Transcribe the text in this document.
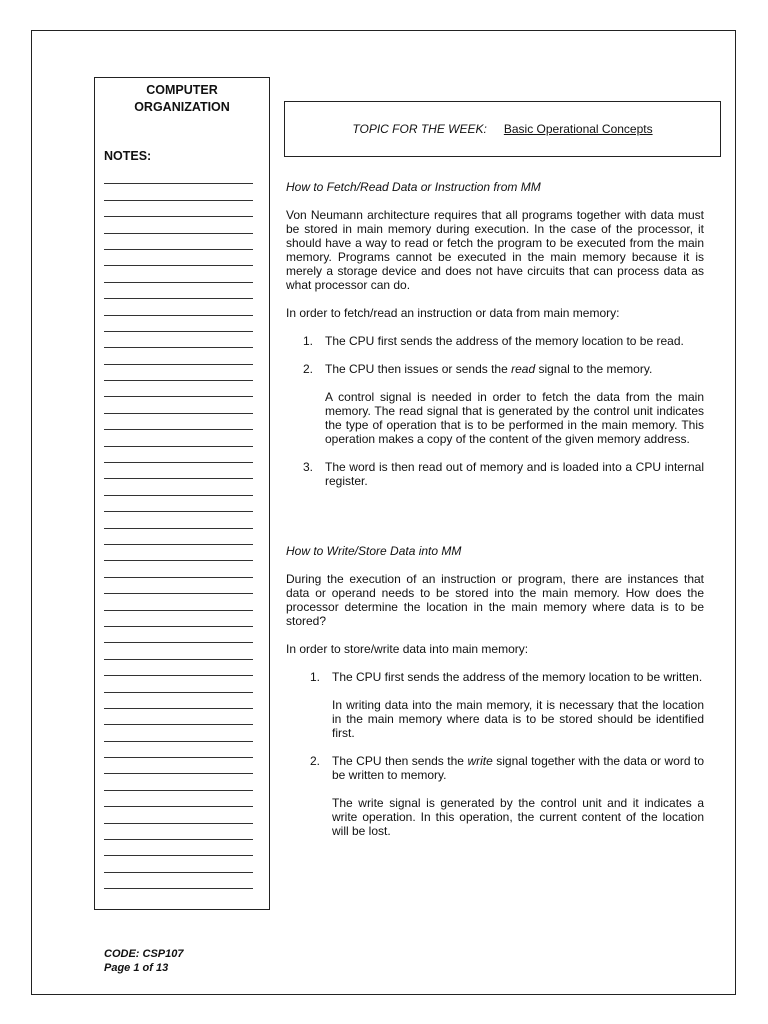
COMPUTER
ORGANIZATION
NOTES:
TOPIC FOR THE WEEK: Basic Operational Concepts

How to Fetch/Read Data or Instruction from MM

Von Neumann architecture requires that all programs together with data must be stored in main memory during execution. In the case of the processor, it should have a way to read or fetch the program to be executed from the main memory. Programs cannot be executed in the main memory because it is merely a storage device and does not have circuits that can process data as what processor can do.

In order to fetch/read an instruction or data from main memory:

1. The CPU first sends the address of the memory location to be read.
2. The CPU then issues or sends the read signal to the memory.

A control signal is needed in order to fetch the data from the main memory. The read signal that is generated by the control unit indicates the type of operation that is to be performed in the main memory. This operation makes a copy of the content of the given memory address.

3. The word is then read out of memory and is loaded into a CPU internal register.

How to Write/Store Data into MM

During the execution of an instruction or program, there are instances that data or operand needs to be stored into the main memory. How does the processor determine the location in the main memory where data is to be stored?

In order to store/write data into main memory:

1. The CPU first sends the address of the memory location to be written.

In writing data into the main memory, it is necessary that the location in the main memory where data is to be stored should be identified first.

2. The CPU then sends the write signal together with the data or word to be written to memory.

The write signal is generated by the control unit and it indicates a write operation. In this operation, the current content of the location will be lost.

CODE: CSP107
Page 1 of 13
